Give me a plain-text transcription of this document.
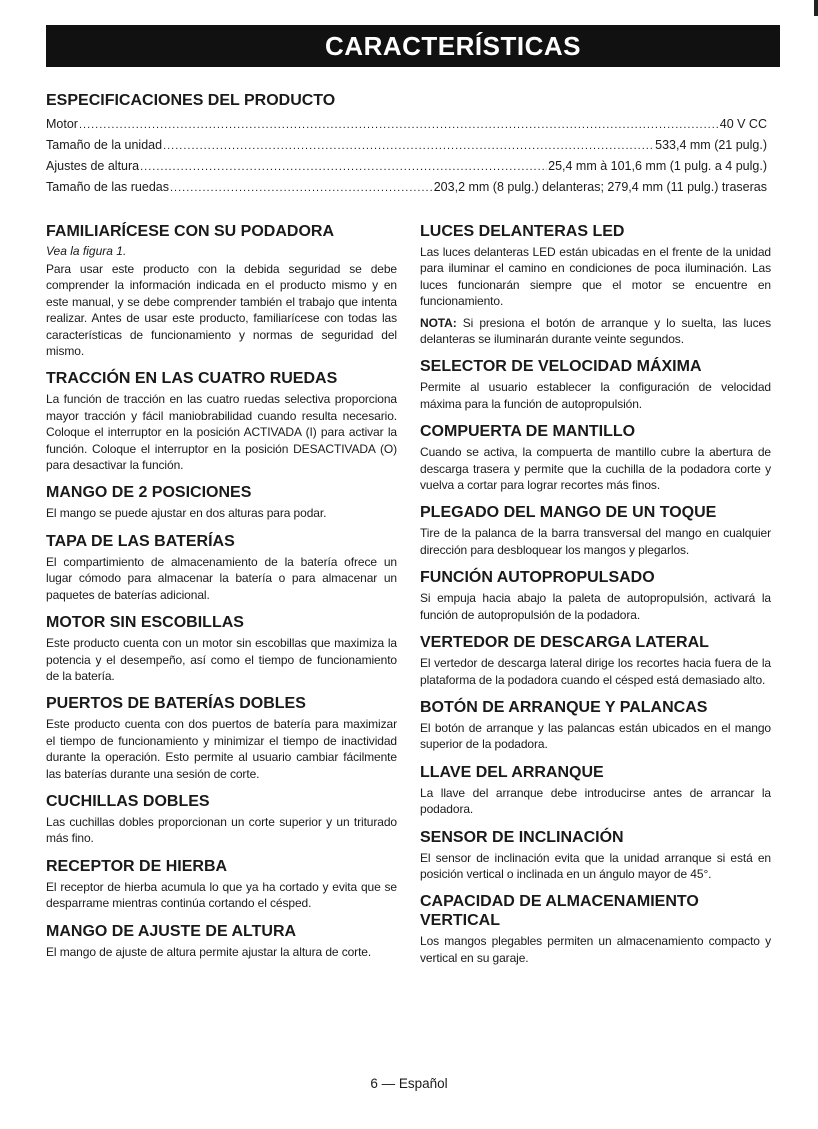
CARACTERÍSTICAS
ESPECIFICACIONES DEL PRODUCTO
Motor .....	40 V CC
Tamaño de la unidad .....	533,4 mm (21 pulg.)
Ajustes de altura .....	25,4 mm à 101,6 mm (1 pulg. a 4 pulg.)
Tamaño de las ruedas .....	203,2 mm (8 pulg.) delanteras; 279,4 mm (11 pulg.) traseras
FAMILIARÍCESE CON SU PODADORA
Vea la figura 1.

Para usar este producto con la debida seguridad se debe comprender la información indicada en el producto mismo y en este manual, y se debe comprender también el trabajo que intenta realizar. Antes de usar este producto, familiarícese con todas las características de funcionamiento y normas de seguridad del mismo.

TRACCIÓN EN LAS CUATRO RUEDAS

La función de tracción en las cuatro ruedas selectiva proporciona mayor tracción y fácil maniobrabilidad cuando resulta necesario. Coloque el interruptor en la posición ACTIVADA (I) para activar la función. Coloque el interruptor en la posición DESACTIVADA (O) para desactivar la función.

MANGO DE 2 POSICIONES

El mango se puede ajustar en dos alturas para podar.

TAPA DE LAS BATERÍAS

El compartimiento de almacenamiento de la batería ofrece un lugar cómodo para almacenar la batería o para almacenar un paquetes de baterías adicional.

MOTOR SIN ESCOBILLAS

Este producto cuenta con un motor sin escobillas que maximiza la potencia y el desempeño, así como el tiempo de funcionamiento de la batería.

PUERTOS DE BATERÍAS DOBLES

Este producto cuenta con dos puertos de batería para maximizar el tiempo de funcionamiento y minimizar el tiempo de inactividad durante la operación. Esto permite al usuario cambiar fácilmente las baterías durante una sesión de corte.

CUCHILLAS DOBLES

Las cuchillas dobles proporcionan un corte superior y un triturado más fino.

RECEPTOR DE HIERBA

El receptor de hierba acumula lo que ya ha cortado y evita que se desparrame mientras continúa cortando el césped.

MANGO DE AJUSTE DE ALTURA

El mango de ajuste de altura permite ajustar la altura de corte.

LUCES DELANTERAS LED

Las luces delanteras LED están ubicadas en el frente de la unidad para iluminar el camino en condiciones de poca iluminación. Las luces funcionarán siempre que el motor se encuentre en funcionamiento.

NOTA: Si presiona el botón de arranque y lo suelta, las luces delanteras se iluminarán durante veinte segundos.

SELECTOR DE VELOCIDAD MÁXIMA

Permite al usuario establecer la configuración de velocidad máxima para la función de autopropulsión.

COMPUERTA DE MANTILLO

Cuando se activa, la compuerta de mantillo cubre la abertura de descarga trasera y permite que la cuchilla de la podadora corte y vuelva a cortar para lograr recortes más finos.

PLEGADO DEL MANGO DE UN TOQUE

Tire de la palanca de la barra transversal del mango en cualquier dirección para desbloquear los mangos y plegarlos.

FUNCIÓN AUTOPROPULSADO

Si empuja hacia abajo la paleta de autopropulsión, activará la función de autopropulsión de la podadora.

VERTEDOR DE DESCARGA LATERAL

El vertedor de descarga lateral dirige los recortes hacia fuera de la plataforma de la podadora cuando el césped está demasiado alto.

BOTÓN DE ARRANQUE Y PALANCAS

El botón de arranque y las palancas están ubicados en el mango superior de la podadora.

LLAVE DEL ARRANQUE

La llave del arranque debe introducirse antes de arrancar la podadora.

SENSOR DE INCLINACIÓN

El sensor de inclinación evita que la unidad arranque si está en posición vertical o inclinada en un ángulo mayor de 45°.

CAPACIDAD DE ALMACENAMIENTO VERTICAL

Los mangos plegables permiten un almacenamiento compacto y vertical en su garaje.

6 — Español
